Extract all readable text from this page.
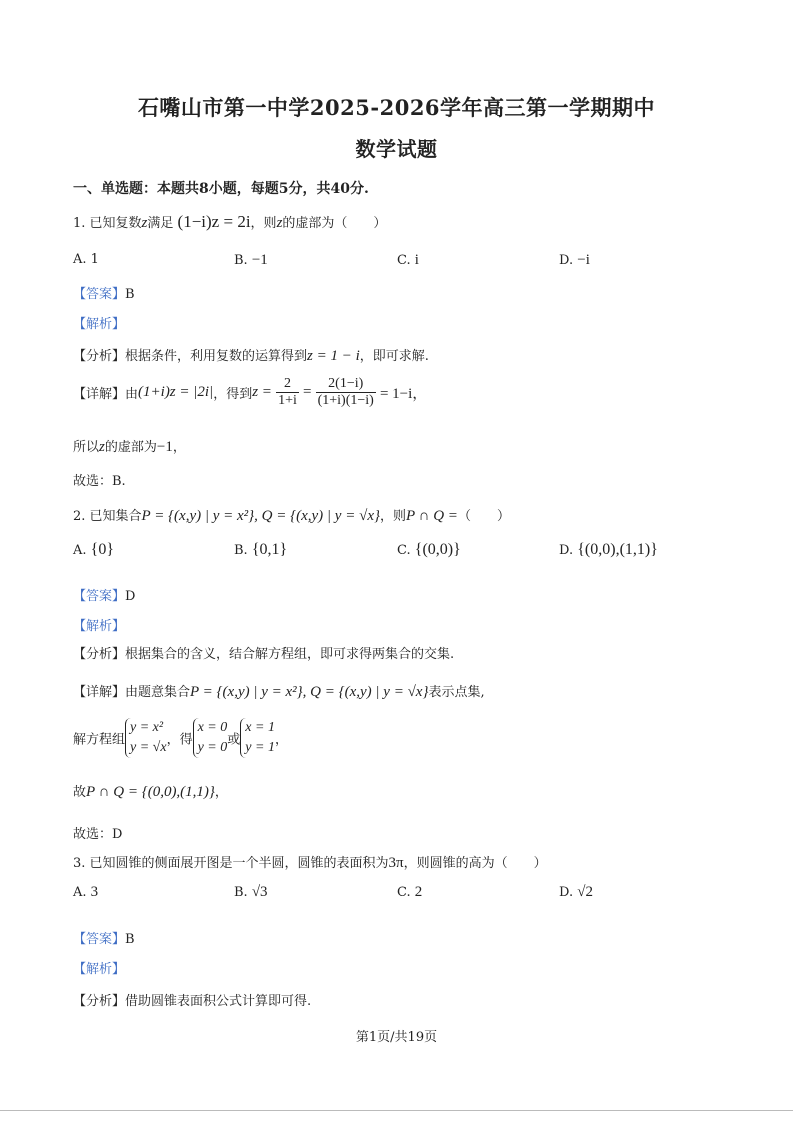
石嘴山市第一中学2025-2026学年高三第一学期期中
数学试题
一、单选题：本题共8小题，每题5分，共40分.
1. 已知复数z满足 (1−i)z = 2i，则z的虚部为（　　）
A. 1	B. −1	C. i	D. −i
【答案】B
【解析】
【分析】根据条件，利用复数的运算得到z = 1 − i，即可求解.
【详解】由(1+i)z = |2i|，得到$z = \frac{2}{1+i} = \frac{2(1-i)}{(1+i)(1-i)} = 1-i$，
所以z的虚部为−1，
故选：B.
2. 已知集合P = {(x,y) | y = x²}, Q = {(x,y) | y = √x}，则P ∩ Q =（　　）
A. {0}	B. {0,1}	C. {(0,0)}	D. {(0,0),(1,1)}
【答案】D
【解析】
【分析】根据集合的含义，结合解方程组，即可求得两集合的交集.
【详解】由题意集合P = {(x,y) | y = x²}, Q = {(x,y) | y = √x}表示点集,
解方程组
y = x²
y = √x ，得
x = 0
y = 0 或
x = 1
y = 1 ，
故P ∩ Q = {(0,0),(1,1)}，
故选：D
3. 已知圆锥的侧面展开图是一个半圆，圆锥的表面积为3π，则圆锥的高为（　　）
A. 3	B. √3	C. 2	D. √2
【答案】B
【解析】
【分析】借助圆锥表面积公式计算即可得.
第1页/共19页
